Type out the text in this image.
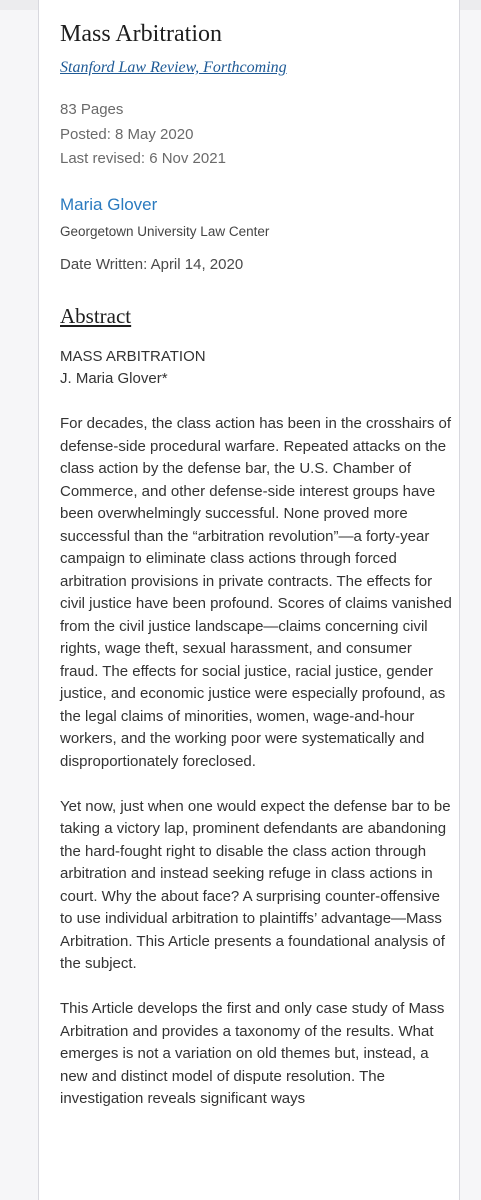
Mass Arbitration
Stanford Law Review, Forthcoming
83 Pages
Posted: 8 May 2020
Last revised: 6 Nov 2021
Maria Glover
Georgetown University Law Center
Date Written: April 14, 2020
Abstract

MASS ARBITRATION
J. Maria Glover*

For decades, the class action has been in the crosshairs of defense-side procedural warfare. Repeated attacks on the class action by the defense bar, the U.S. Chamber of Commerce, and other defense-side interest groups have been overwhelmingly successful. None proved more successful than the “arbitration revolution”—a forty-year campaign to eliminate class actions through forced arbitration provisions in private contracts. The effects for civil justice have been profound. Scores of claims vanished from the civil justice landscape—claims concerning civil rights, wage theft, sexual harassment, and consumer fraud. The effects for social justice, racial justice, gender justice, and economic justice were especially profound, as the legal claims of minorities, women, wage-and-hour workers, and the working poor were systematically and disproportionately foreclosed.

Yet now, just when one would expect the defense bar to be taking a victory lap, prominent defendants are abandoning the hard-fought right to disable the class action through arbitration and instead seeking refuge in class actions in court. Why the about face? A surprising counter-offensive to use individual arbitration to plaintiffs’ advantage—Mass Arbitration. This Article presents a foundational analysis of the subject.

This Article develops the first and only case study of Mass Arbitration and provides a taxonomy of the results. What emerges is not a variation on old themes but, instead, a new and distinct model of dispute resolution. The investigation reveals significant ways
